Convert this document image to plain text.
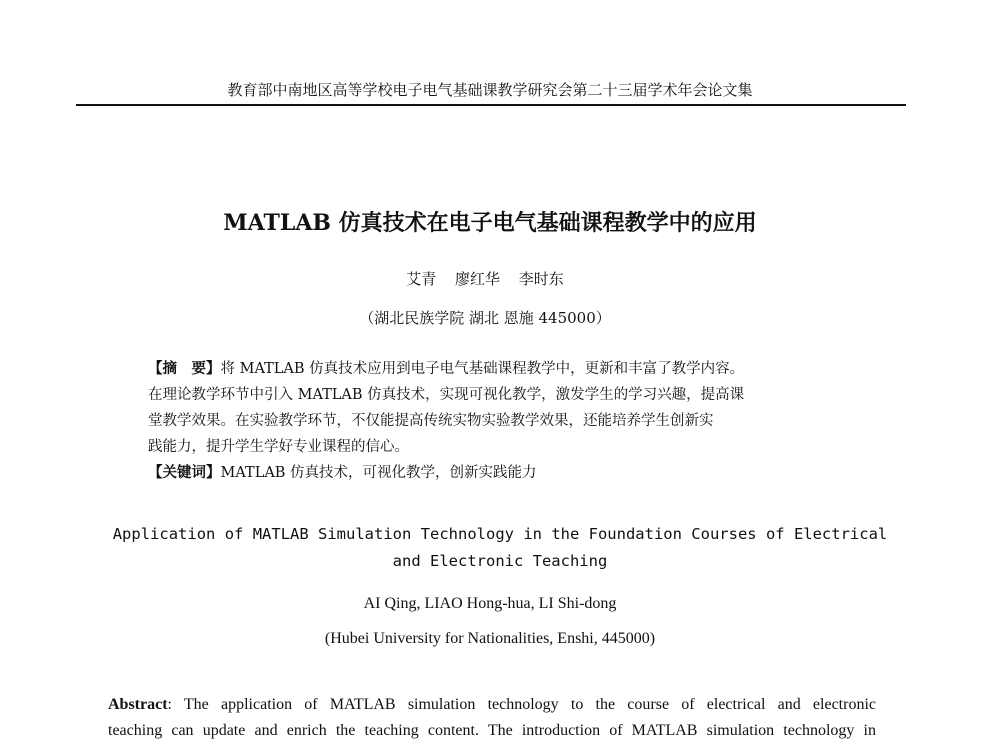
教育部中南地区高等学校电子电气基础课教学研究会第二十三届学术年会论文集
MATLAB 仿真技术在电子电气基础课程教学中的应用
艾青 廖红华 李时东
（湖北民族学院 湖北 恩施 445000）

【摘　要】将 MATLAB 仿真技术应用到电子电气基础课程教学中，更新和丰富了教学内容。

在理论教学环节中引入 MATLAB 仿真技术，实现可视化教学，激发学生的学习兴趣，提高课

堂教学效果。在实验教学环节，不仅能提高传统实物实验教学效果，还能培养学生创新实

践能力，提升学生学好专业课程的信心。

【关键词】MATLAB 仿真技术，可视化教学，创新实践能力

Application of MATLAB Simulation Technology in the Foundation Courses of Electrical
and Electronic Teaching
AI Qing, LIAO Hong-hua, LI Shi-dong
(Hubei University for Nationalities, Enshi, 445000)

Abstract: The application of MATLAB simulation technology to the course of electrical and electronic

teaching can update and enrich the teaching content. The introduction of MATLAB simulation technology in
